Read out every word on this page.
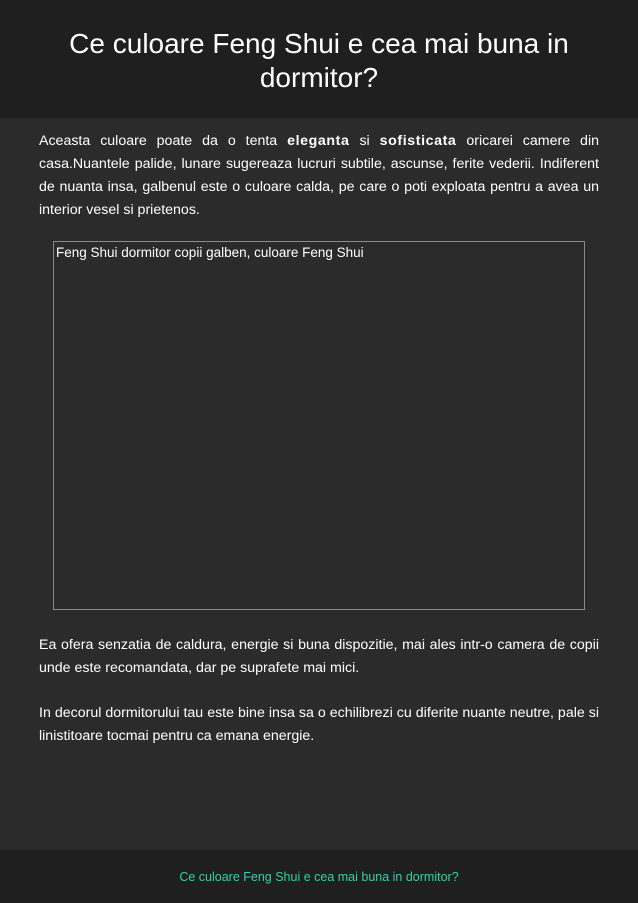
Ce culoare Feng Shui e cea mai buna in dormitor?

Aceasta culoare poate da o tenta eleganta si sofisticata oricarei camere din casa.Nuantele palide, lunare sugereaza lucruri subtile, ascunse, ferite vederii. Indiferent de nuanta insa, galbenul este o culoare calda, pe care o poti exploata pentru a avea un interior vesel si prietenos.

Feng Shui dormitor copii galben, culoare Feng Shui

Ea ofera senzatia de caldura, energie si buna dispozitie, mai ales intr-o camera de copii unde este recomandata, dar pe suprafete mai mici.

In decorul dormitorului tau este bine insa sa o echilibrezi cu diferite nuante neutre, pale si linistitoare tocmai pentru ca emana energie.

Ce culoare Feng Shui e cea mai buna in dormitor?
